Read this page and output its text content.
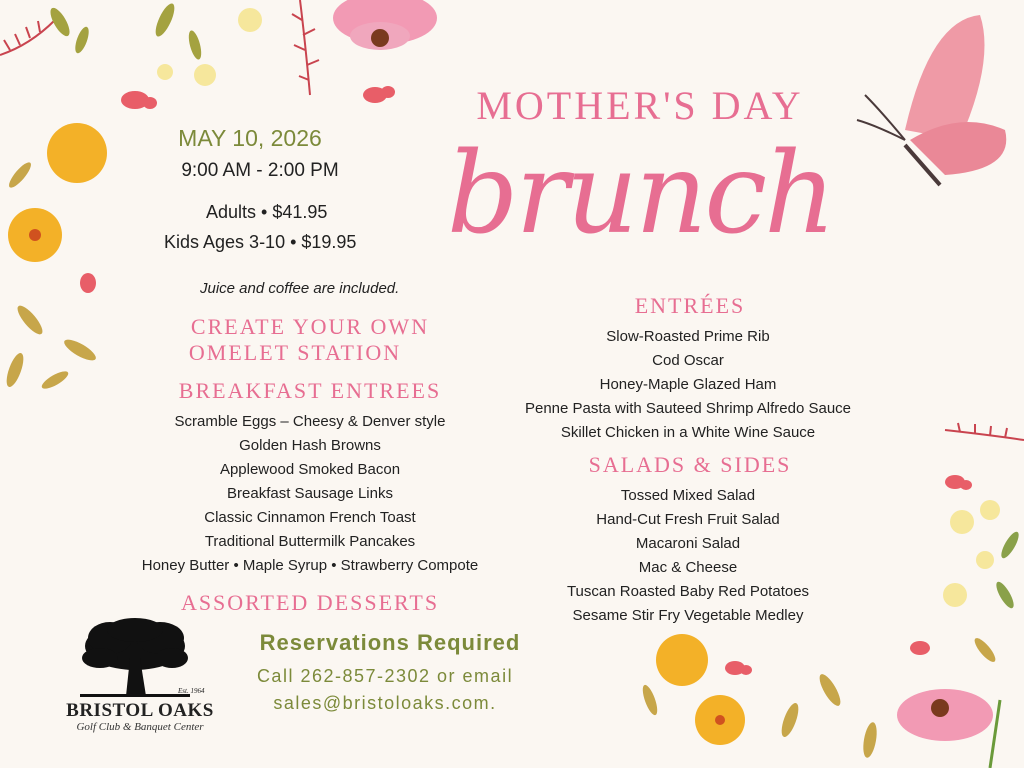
MOTHER'S DAY
brunch
MAY 10, 2026
9:00 AM - 2:00 PM
Adults • $41.95
Kids Ages 3-10 • $19.95
Juice and coffee are included.
CREATE YOUR OWN
OMELET STATION
BREAKFAST ENTREES
Scramble Eggs – Cheesy & Denver style
Golden Hash Browns
Applewood Smoked Bacon
Breakfast Sausage Links
Classic Cinnamon French Toast
Traditional Buttermilk Pancakes
Honey Butter • Maple Syrup • Strawberry Compote
ASSORTED DESSERTS
ENTRÉES
Slow-Roasted Prime Rib
Cod Oscar
Honey-Maple Glazed Ham
Penne Pasta with Sauteed Shrimp Alfredo Sauce
Skillet Chicken in a White Wine Sauce
SALADS & SIDES
Tossed Mixed Salad
Hand-Cut Fresh Fruit Salad
Macaroni Salad
Mac & Cheese
Tuscan Roasted Baby Red Potatoes
Sesame Stir Fry Vegetable Medley
Reservations Required
Call 262-857-2302 or email
sales@bristoloaks.com.
Est. 1964
BRISTOL OAKS
Golf Club & Banquet Center
